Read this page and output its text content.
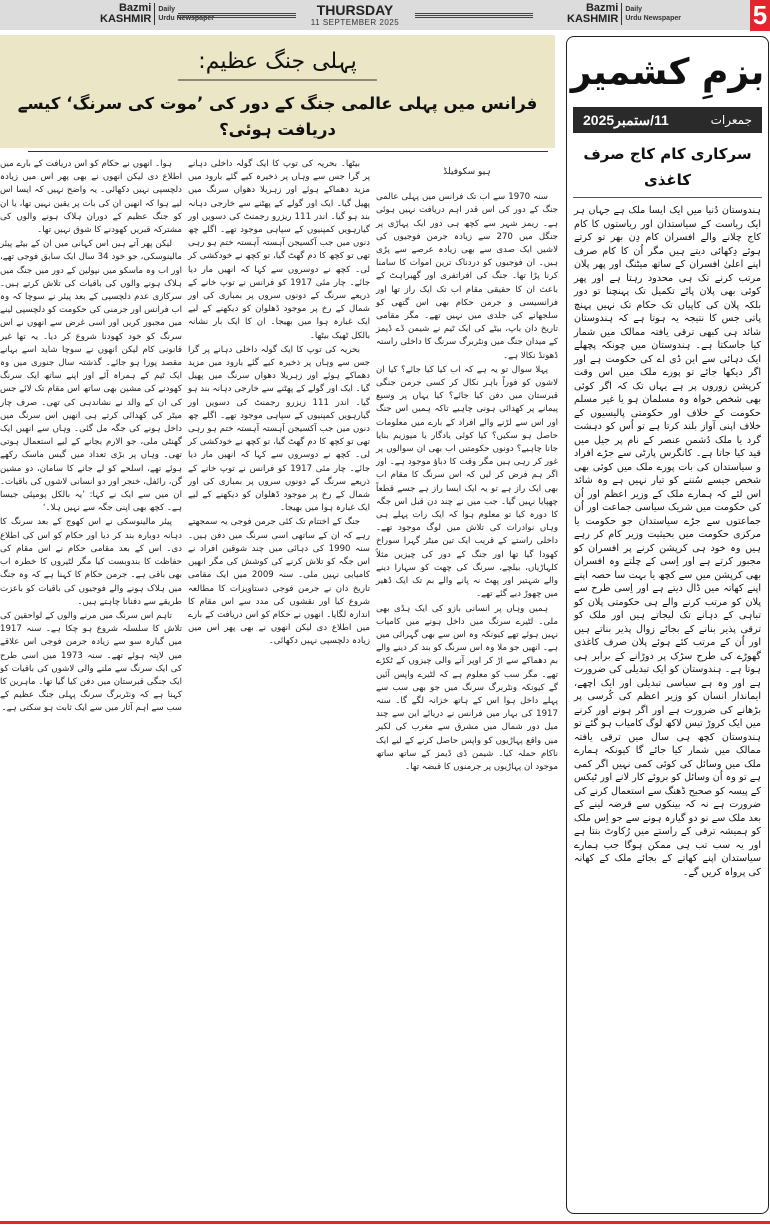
Bazmi
KASHMIR
Daily
Urdu Newspaper
THURSDAY
11 SEPTEMBER 2025
Bazmi
KASHMIR
Daily
Urdu Newspaper	5
پہلی جنگ عظیم:
فرانس میں پہلی عالمی جنگ کے دور کی ’موت کی سرنگ‘ کیسے دریافت ہوئی؟
ہیو سکوفیلڈ

سنہ 1970 سے اب تک فرانس میں پہلی عالمی جنگ کے دور کی اس قدر اہم دریافت نہیں ہوئی ہے۔ ریمز شہر سے کچھ ہی دور ایک پہاڑی پر جنگل میں 270 سے زیادہ جرمن فوجیوں کی لاشیں ایک صدی سے بھی زیادہ عرصے سے پڑی ہیں۔ ان فوجیوں کو دردناک ترین اموات کا سامنا کرنا پڑا تھا۔ جنگ کی افراتفری اور گھبراہٹ کے باعث ان کا حقیقی مقام اب تک ایک راز تھا اور فرانسیسی و جرمن حکام بھی اس گتھی کو سلجھانے کی جلدی میں نہیں تھے۔ مگر مقامی تاریخ دان باپ، بیٹے کی ایک ٹیم نے شیمن ڈے ڈیمز کے میدان جنگ میں ونٹربرگ سرنگ کا داخلی راستہ ڈھونڈ نکالا ہے۔

پہلا سوال تو یہ ہے کہ اب کیا کیا جائے؟ کیا ان لاشوں کو فوراً باہر نکال کر کسی جرمن جنگی قبرستان میں دفن کیا جائے؟ کیا یہاں پر وسیع پیمانے پر کھدائی ہونی چاہیے تاکہ ہمیں اس جنگ اور اس سے لڑنے والے افراد کے بارے میں معلومات حاصل ہو سکیں؟ کیا کوئی یادگار یا میوزیم بنایا جانا چاہیے؟ دونوں حکومتیں اب بھی ان سوالوں پر غور کر رہی ہیں مگر وقت کا دباؤ موجود ہے۔ اور اگر ہم فرض کر لیں کہ اس سرنگ کا مقام اب بھی ایک راز ہے تو یہ ایک ایسا راز ہے جسے قطعاً چھپایا نہیں گیا۔ جب میں نے چند دن قبل اس جگہ کا دورہ کیا تو معلوم ہوا کہ ایک رات پہلے ہی وہاں نوادرات کی تلاش میں لوگ موجود تھے۔ داخلی راستے کے قریب ایک تین میٹر گہرا سوراخ کھودا گیا تھا اور جنگ کے دور کی چیزیں مثلاً کلہاڑیاں، بیلچے، سرنگ کی چھت کو سہارا دینے والے شہتیر اور پھٹ نہ پانے والے بم تک ایک ڈھیر میں چھوڑ دیے گئے تھے۔

ہمیں وہاں پر انسانی بازو کی ایک ہڈی بھی ملی۔ لٹیرے سرنگ میں داخل ہونے میں کامیاب نہیں ہوئے تھے کیونکہ وہ اس سے بھی گہرائی میں ہے۔ انھیں جو ملا وہ اس سرنگ کو بند کر دینے والے بم دھماکے سے اڑ کر اوپر آنے والی چیزوں کے ٹکڑے تھے۔ مگر سب کو معلوم ہے کہ لٹیرے واپس آئیں گے کیونکہ ونٹربرگ سرنگ میں جو بھی سب سے پہلے داخل ہوا اس کے ہاتھ خزانہ لگے گا۔ سنہ 1917 کی بہار میں فرانس نے دریائے این سے چند میل دور شمال میں مشرق سے مغرب کی لکیر میں واقع پہاڑیوں کو واپس حاصل کرنے کے لیے ایک ناکام حملہ کیا۔ شیمن ڈی ڈیمز کے ساتھ ساتھ موجود ان پہاڑیوں پر جرمنوں کا قبضہ تھا۔

بیٹھا۔ بحریہ کی توپ کا ایک گولہ داخلی دہانے پر گرا جس سے وہاں پر ذخیرہ کیے گئے بارود میں مزید دھماکے ہوئے اور زہریلا دھواں سرنگ میں پھیل گیا۔ ایک اور گولے کے پھٹنے سے خارجی دہانہ بند ہو گیا۔ اندر 111 ریزرو رجمنٹ کی دسویں اور گیارہویں کمپنیوں کے سپاہی موجود تھے۔ اگلے چھ دنوں میں جب آکسیجن آہستہ آہستہ ختم ہو رہی تھی تو کچھ کا دم گھٹ گیا، تو کچھ نے خودکشی کر لی۔ کچھ نے دوسروں سے کہا کہ انھیں مار دیا جائے۔ چار مئی 1917 کو فرانس نے توپ خانے کے ذریعے سرنگ کے دونوں سروں پر بمباری کی اور شمال کے رخ پر موجود ڈھلوان کو دیکھنے کے لیے ایک غبارہ ہوا میں بھیجا۔ ان کا ایک بار نشانہ بالکل ٹھیک بیٹھا۔

بحریہ کی توپ کا ایک گولہ داخلی دہانے پر گرا جس سے وہاں پر ذخیرہ کیے گئے بارود میں مزید دھماکے ہوئے اور زہریلا دھواں سرنگ میں پھیل گیا۔ ایک اور گولے کے پھٹنے سے خارجی دہانہ بند ہو گیا۔ اندر 111 ریزرو رجمنٹ کی دسویں اور گیارہویں کمپنیوں کے سپاہی موجود تھے۔ اگلے چھ دنوں میں جب آکسیجن آہستہ آہستہ ختم ہو رہی تھی تو کچھ کا دم گھٹ گیا، تو کچھ نے خودکشی کر لی۔ کچھ نے دوسروں سے کہا کہ انھیں مار دیا جائے۔ چار مئی 1917 کو فرانس نے توپ خانے کے ذریعے سرنگ کے دونوں سروں پر بمباری کی اور شمال کے رخ پر موجود ڈھلوان کو دیکھنے کے لیے ایک غبارہ ہوا میں بھیجا۔

جنگ کے اختتام تک کئی جرمن فوجی یہ سمجھتے رہے کہ ان کے ساتھی اسی سرنگ میں دفن ہیں۔ سنہ 1990 کی دہائی میں چند شوقین افراد نے اس جگہ کو تلاش کرنے کی کوشش کی مگر انھیں کامیابی نہیں ملی۔ سنہ 2009 میں ایک مقامی تاریخ دان نے جرمن فوجی دستاویزات کا مطالعہ شروع کیا اور نقشوں کی مدد سے اس مقام کا اندازہ لگایا۔ انھوں نے حکام کو اس دریافت کے بارے میں اطلاع دی لیکن انھوں نے بھی پھر اس میں زیادہ دلچسپی نہیں دکھائی۔

ہوا۔ انھوں نے حکام کو اس دریافت کے بارے میں اطلاع دی لیکن انھوں نے بھی پھر اس میں زیادہ دلچسپی نہیں دکھائی۔ یہ واضح نہیں کہ ایسا اس لیے ہوا کہ انھیں ان کی بات پر یقین نہیں تھا، یا ان کو جنگ عظیم کے دوران ہلاک ہونے والوں کی مشترکہ قبریں کھودنے کا شوق نہیں تھا۔

لیکن پھر آتے ہیں اس کہانی میں ان کے بیٹے پیئر مالینوسکی، جو خود 34 سال ایک سابق فوجی تھے، اور اب وہ ماسکو میں نپولین کے دور میں جنگ میں ہلاک ہونے والوں کی باقیات کی تلاش کرتے ہیں۔ سرکاری عدم دلچسپی کے بعد پیئر نے سوچا کہ وہ اب فرانس اور جرمنی کی حکومت کو دلچسپی لینے میں مجبور کریں اور اسی غرض سے انھوں نے اس سرنگ کو خود کھودنا شروع کر دیا۔ یہ تھا غیر قانونی کام لیکن انھوں نے سوچا شاید اسے بہانے مقصد پورا ہو جائے۔ گذشتہ سال جنوری میں وہ ایک ٹیم کے ہمراہ آئے اور اپنے ساتھ ایک سرنگ کھودنے کی مشین بھی ساتھ اس مقام تک لائے جس کی ان کے والد نے نشاندہی کی تھی۔ صرف چار میٹر کی کھدائی کرتے ہی انھیں اس سرنگ میں داخل ہونے کی جگہ مل گئی۔ وہاں سے انھیں ایک گھنٹی ملی، جو الارم بجانے کے لیے استعمال ہوتی تھی۔ وہاں پر بڑی تعداد میں گیس ماسک رکھے ہوئے تھے، اسلحے کو لے جانے کا سامان، دو مشین گن، رائفل، خنجر اور دو انسانی لاشوں کی باقیات۔ ان میں سے ایک نے کہا: ’یہ بالکل پومپئی جیسا ہے۔ کچھ بھی اپنی جگہ سے نہیں ہلا۔‘

پیئر مالینوسکی نے اس کھوج کے بعد سرنگ کا دہانہ دوبارہ بند کر دیا اور حکام کو اس کی اطلاع دی۔ اس کے بعد مقامی حکام نے اس مقام کی حفاظت کا بندوبست کیا مگر لٹیروں کا خطرہ اب بھی باقی ہے۔ جرمن حکام کا کہنا ہے کہ وہ جنگ میں ہلاک ہونے والے فوجیوں کی باقیات کو باعزت طریقے سے دفنانا چاہتے ہیں۔

تاہم اس سرنگ میں مرنے والوں کے لواحقین کی تلاش کا سلسلہ شروع ہو چکا ہے۔ سنہ 1917 میں گیارہ سو سے زیادہ جرمن فوجی اس علاقے میں لاپتہ ہوئے تھے۔ سنہ 1973 میں اسی طرح کی ایک سرنگ سے ملنے والی لاشوں کی باقیات کو ایک جنگی قبرستان میں دفن کیا گیا تھا۔ ماہرین کا کہنا ہے کہ ونٹربرگ سرنگ پہلی جنگ عظیم کے سب سے اہم آثار میں سے ایک ثابت ہو سکتی ہے۔

بزمِ کشمیر
جمعرات
11/ستمبر2025
سرکاری کام کاج صرف کاغذی
ہندوستان دُنیا میں ایک ایسا ملک ہے جہاں ہر ایک ریاست کے سیاستدان اور ریاستوں کا کام کاج چلانے والے افسران کام دِن بھر تو کرتے ہوئے دِکھائی دیتے ہیں مگر اُن کا کام صرف اپنے اعلیٰ افسران کے ساتھ میٹنگ اور پھر پلان مرتب کرنے تک ہی محدود رہتا ہے اور پھر کوئی بھی پلان پائے تکمیل تک پہنچنا تو دور بلکہ پلان کی کاپیاں تک حکام تک نہیں پہنچ پاتی جس کا نتیجہ یہ ہوتا ہے کہ ہندوستان شائد ہی کبھی ترقی یافتہ ممالک میں شمار کیا جاسکتا ہے۔ ہندوستان میں چونکہ پچھلے ایک دہائی سے این ڈی اے کی حکومت ہے اور اگر دیکھا جائے تو پورے ملک میں اس وقت کرپشن زوروں پر ہے یہاں تک کہ اگر کوئی بھی شخص خواہ وہ مسلمان ہو یا غیر مسلم حکومت کے خلاف اور حکومتی پالیسیوں کے خلاف اپنی آواز بلند کرتا ہے تو اُس کو دہشت گرد یا ملک دُشمن عنصر کے نام پر جیل میں قید کیا جاتا ہے۔ کانگرس پارٹی سے جڑے افراد و سیاستدان کی بات پورے ملک میں کوئی بھی شخص جیسے سُننے کو تیار نہیں ہے وہ شائد اس لئے کہ ہمارے ملک کے وزیر اعظم اور اُن کی حکومت میں شریک سیاسی جماعت اور اُن جماعتوں سے جڑے سیاستدان جو حکومت یا مرکزی حکومت میں بحیثیت وزیر کام کر رہے ہیں وہ خود ہی کرپشن کرنے پر افسران کو مجبور کرتے ہے اور اِسی کے چلتے وہ افسران بھی کرپشن میں سے کچھ یا بہت سا حصہ اپنے اپنے کھاتہ میں ڈال دیتے ہے اور اِسی طرح سے پلان کو مرتب کرنے والے ہی حکومتی پلان کو تباہی کے دہانے تک لیجاتے ہیں اور ملک کو ترقی پذیر بنانے کے بجائے زوال پذیر بناتے ہیں اور اُن کے مرتب کئے ہوئے پلان صرف کاغذی گھوڑے کی طرح سڑک پر دوڑانے کے برابر ہی ہوتا ہے۔ ہندوستان کو ایک تبدیلی کی ضرورت ہے اور وہ ہے سیاسی تبدیلی اور ایک اچھے، ایماندار انسان کو وزیر اعظم کی کُرسی پر بڑھانے کی ضرورت ہے اور اگر ہونے اور کرنے میں ایک کروڑ تیس لاکھ لوگ کامیاب ہو گئے تو ہندوستان کچھ ہی سال میں ترقی یافتہ ممالک میں شمار کیا جائے گا کیونکہ ہمارے ملک میں وسائل کی کوئی کمی نہیں اگر کمی ہے تو وہ اُن وسائل کو بروئے کار لانے اور ٹیکس کے پیسہ کو صحیح ڈھنگ سے استعمال کرنے کی ضرورت ہے نہ کہ بینکوں سے قرضہ لینے کے بعد ملک سے نو دو گیارہ ہونے سے جو اِس ملک کو ہمیشہ ترقی کے راستے میں رُکاوٹ بنتا ہے اور یہ سب تب ہی ممکن ہوگا جب ہمارے سیاستدان اپنے کھاتے کے بجائے ملک کے کھانہ کی پرواہ کریں گے۔
